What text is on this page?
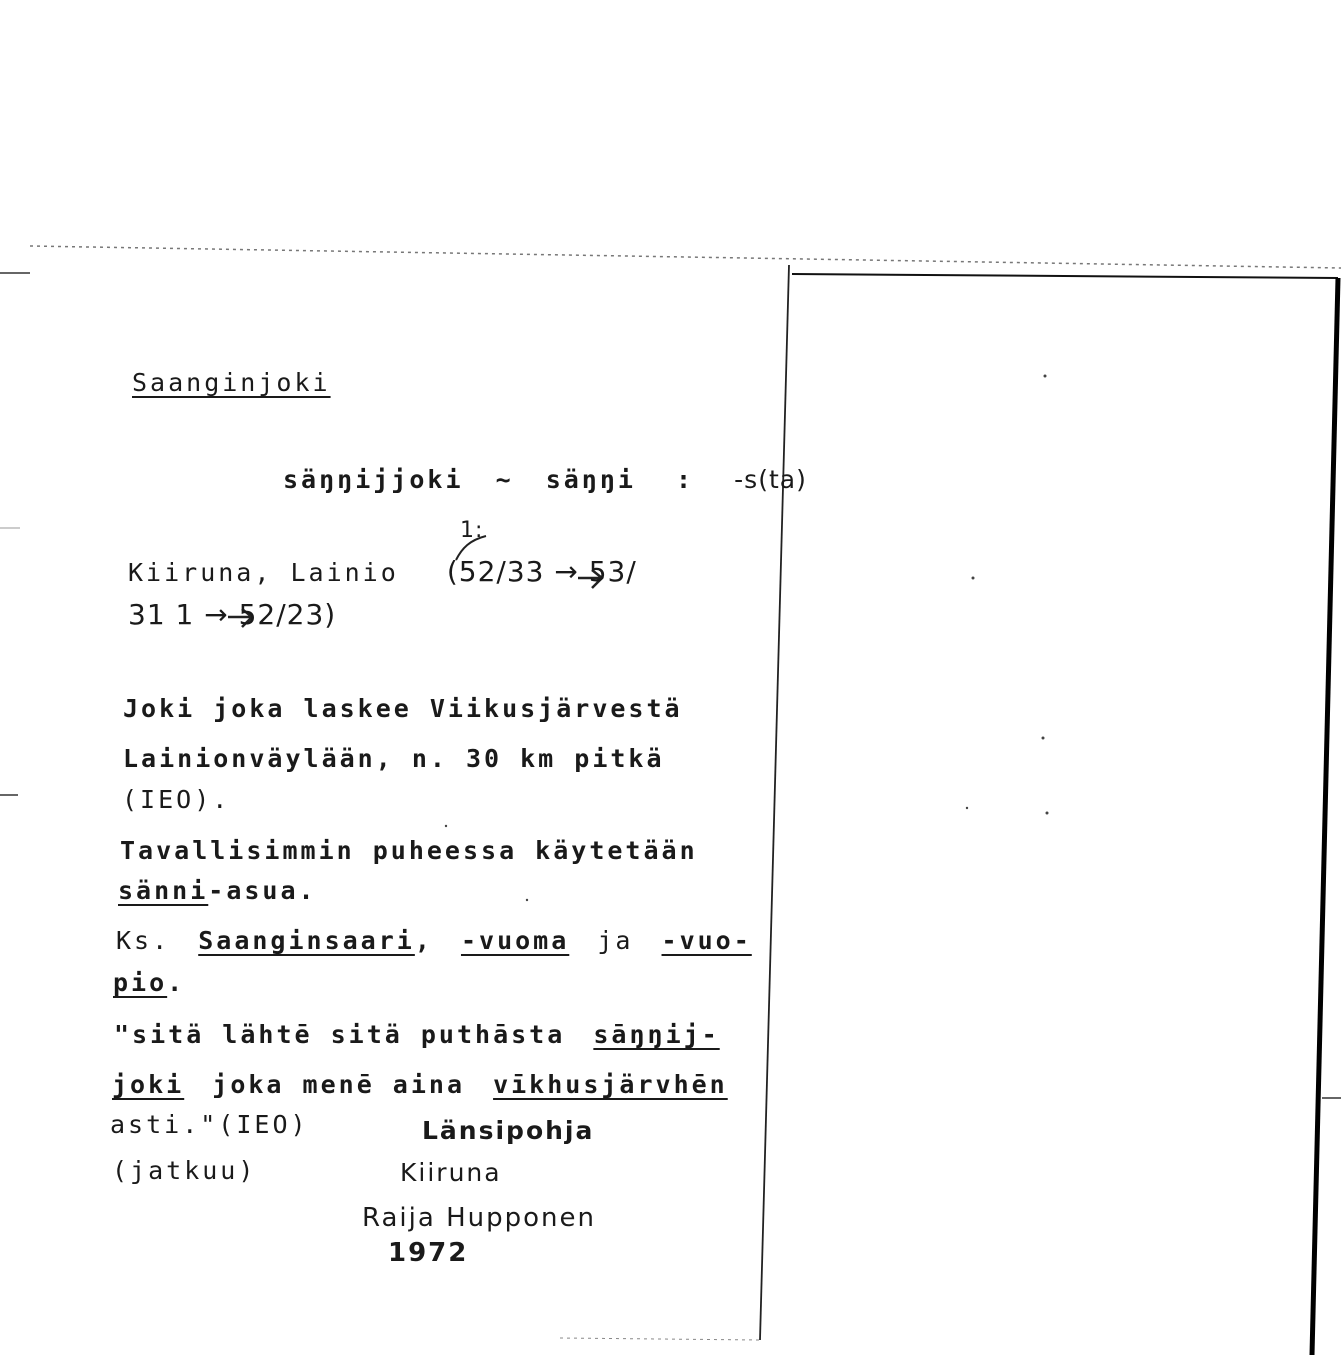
Saanginjoki
säŋŋiјjoki ~ säŋŋi : -s(ta)
1:
Kiiruna, Lainio (52/33 → 53/
31 1 → 52/23)
Joki joka laskee Viikusjärvestä
Lainionväylään, n. 30 km pitkä
(IEO).
Tavallisimmin puheessa käytetään
sänni-asua.
Ks. Saanginsaari, -vuoma ja -vuo-
pio.
"sitä lähtē sitä puthāsta sāŋŋij-
joki joka menē aina vīkhusjärvhēn
asti."(IEO)
(jatkuu)
Länsipohja
Kiiruna
Raija Hupponen
1972
